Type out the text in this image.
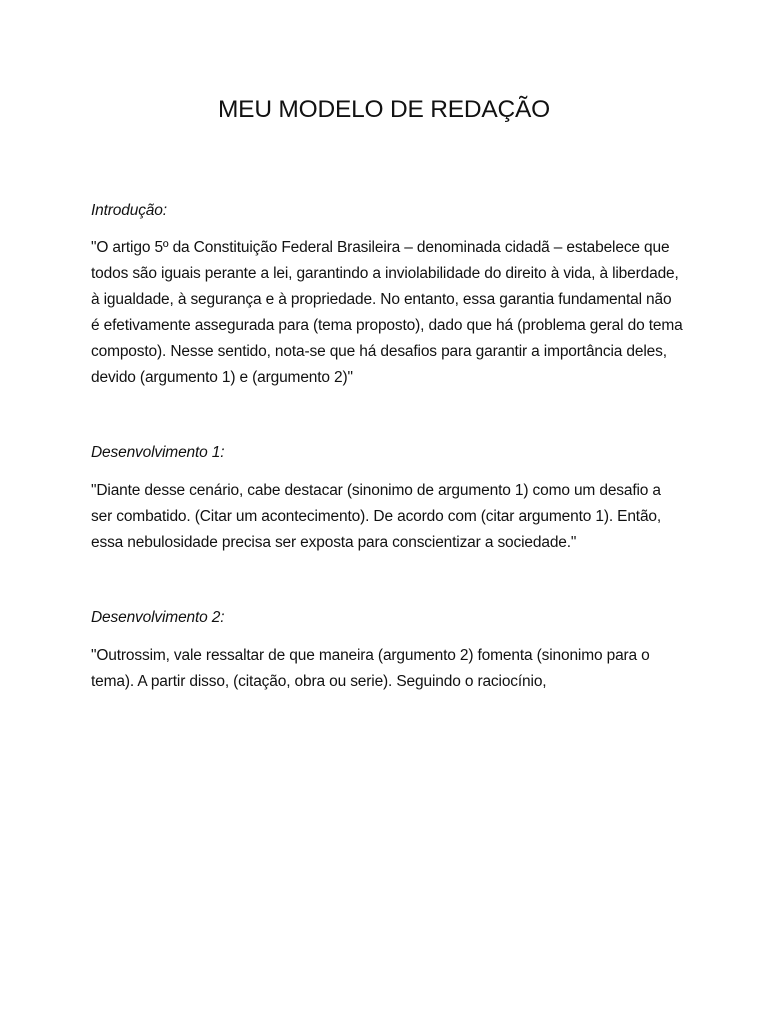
MEU MODELO DE REDAÇÃO

Introdução:

"O artigo 5º da Constituição Federal Brasileira – denominada cidadã – estabelece que todos são iguais perante a lei, garantindo a inviolabilidade do direito à vida, à liberdade, à igualdade, à segurança e à propriedade. No entanto, essa garantia fundamental não é efetivamente assegurada para (tema proposto), dado que há (problema geral do tema composto). Nesse sentido, nota-se que há desafios para garantir a importância deles, devido (argumento 1) e (argumento 2)"

Desenvolvimento 1:

"Diante desse cenário, cabe destacar (sinonimo de argumento 1) como um desafio a ser combatido. (Citar um acontecimento). De acordo com (citar argumento 1). Então, essa nebulosidade precisa ser exposta para conscientizar a sociedade."

Desenvolvimento 2:

"Outrossim, vale ressaltar de que maneira (argumento 2) fomenta (sinonimo para o tema). A partir disso, (citação, obra ou serie). Seguindo o raciocínio,
